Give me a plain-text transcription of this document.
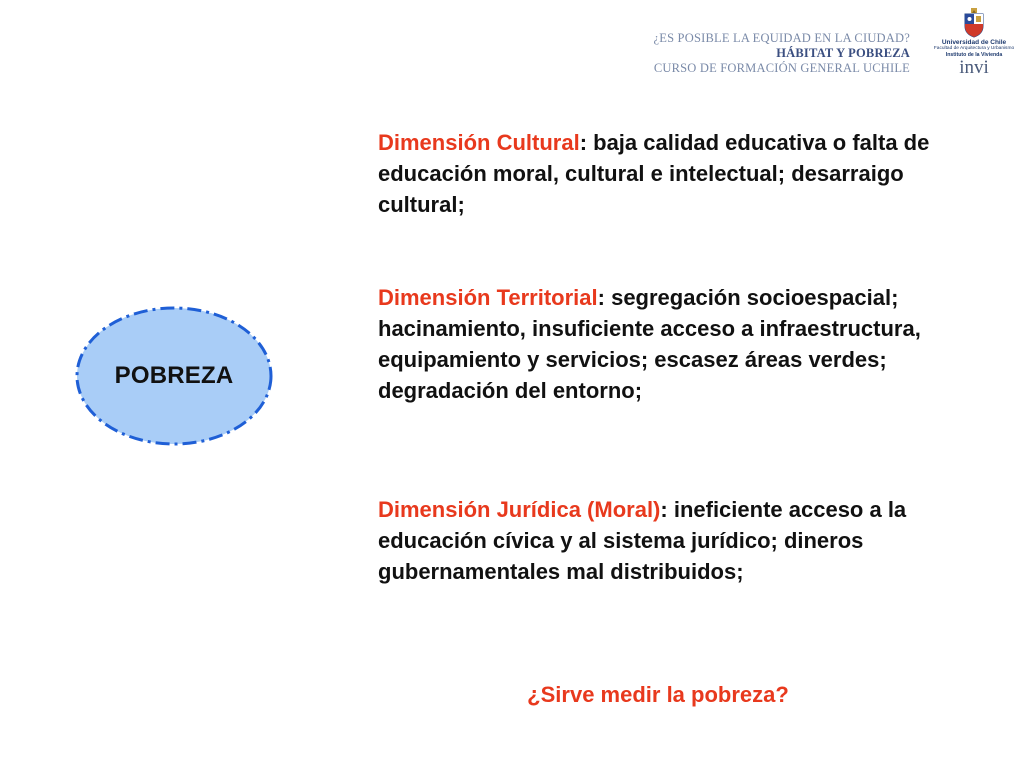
¿ES POSIBLE LA EQUIDAD EN LA CIUDAD?
HÁBITAT Y POBREZA
CURSO DE FORMACIÓN GENERAL UCHILE
Universidad de Chile
Facultad de Arquitectura y Urbanismo
Instituto de la Vivienda
invi
POBREZA
Dimensión Cultural: baja calidad educativa o falta de educación moral, cultural e intelectual; desarraigo cultural;
Dimensión Territorial: segregación socioespacial; hacinamiento, insuficiente acceso a infraestructura, equipamiento y servicios; escasez áreas verdes; degradación del entorno;
Dimensión Jurídica (Moral): ineficiente acceso a la educación cívica y al sistema jurídico; dineros gubernamentales mal distribuidos;
¿Sirve medir la pobreza?
